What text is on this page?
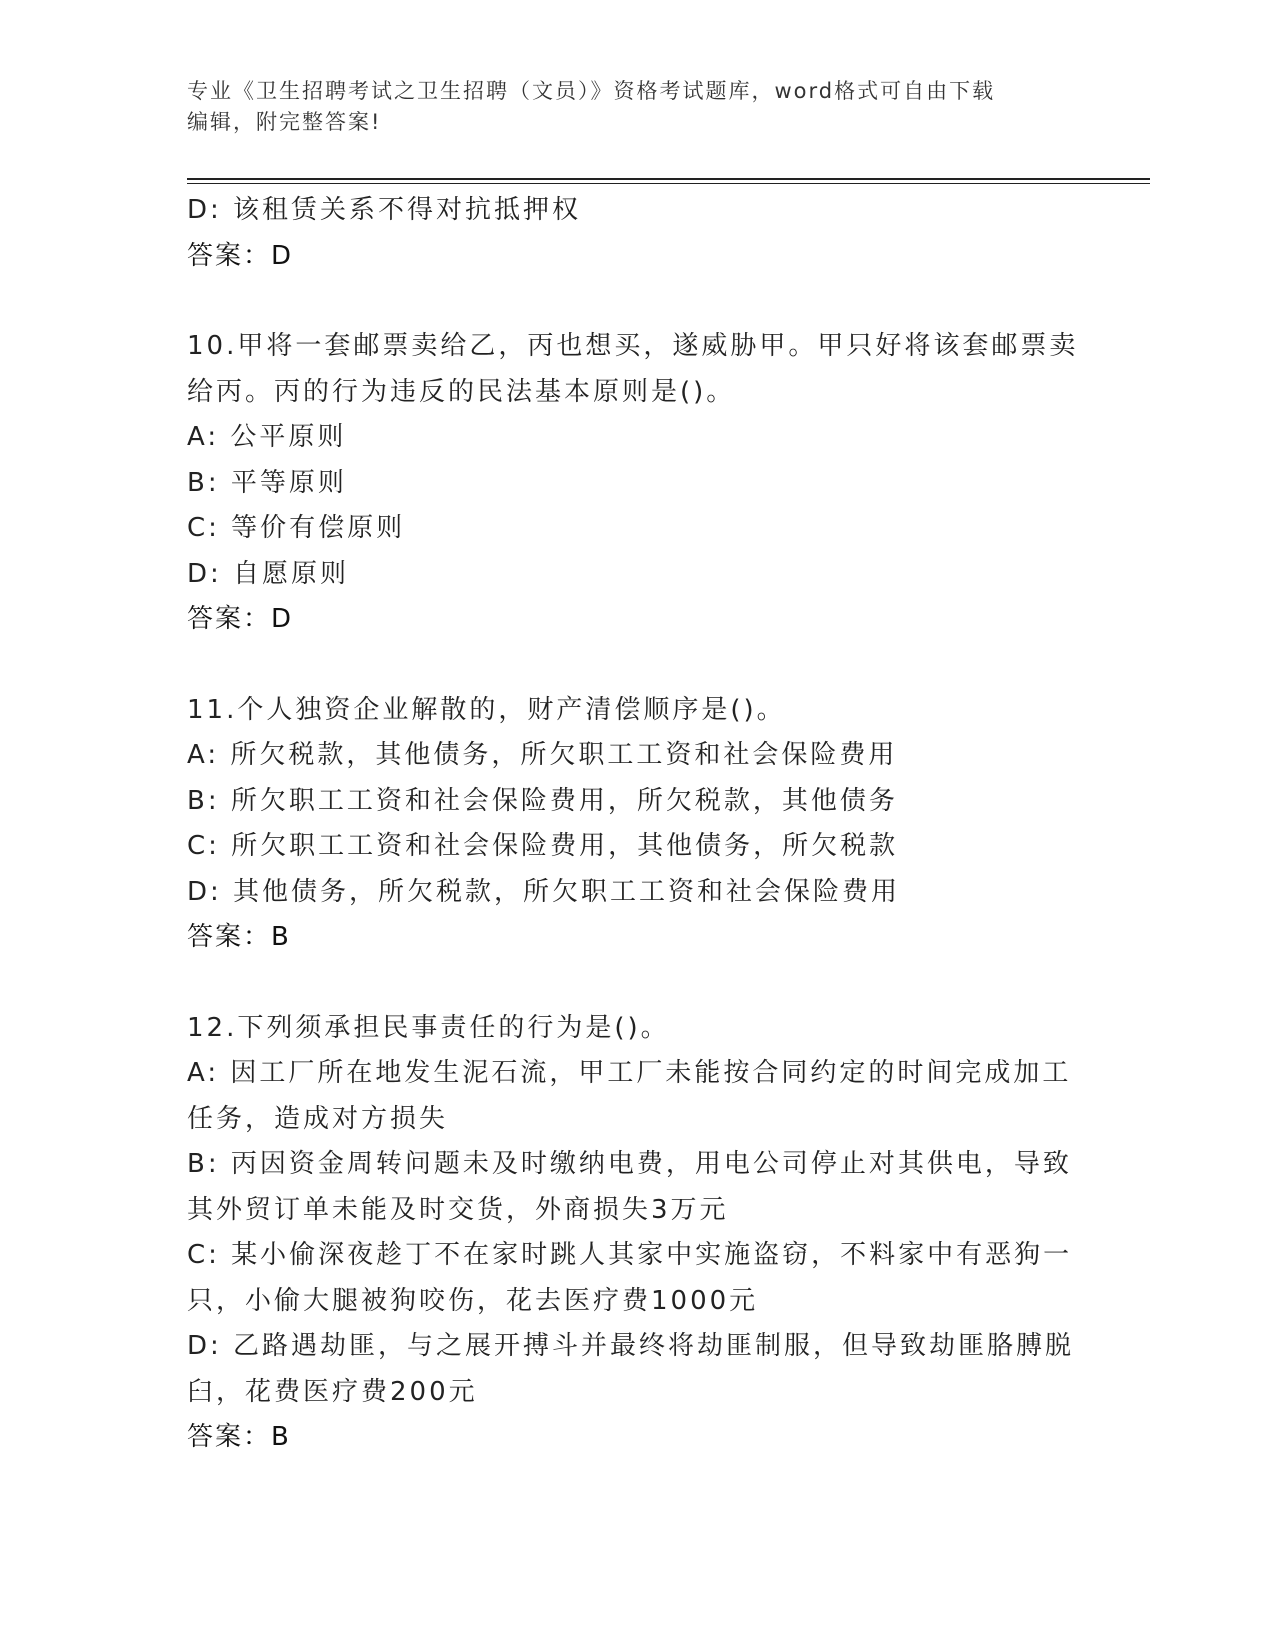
专业《卫生招聘考试之卫生招聘（文员）》资格考试题库，word格式可自由下载
编辑，附完整答案!
D: 该租赁关系不得对抗抵押权
答案：D
10.甲将一套邮票卖给乙，丙也想买，遂威胁甲。甲只好将该套邮票卖
给丙。丙的行为违反的民法基本原则是()。
A: 公平原则
B: 平等原则
C: 等价有偿原则
D: 自愿原则
答案：D
11.个人独资企业解散的，财产清偿顺序是()。
A: 所欠税款，其他债务，所欠职工工资和社会保险费用
B: 所欠职工工资和社会保险费用，所欠税款，其他债务
C: 所欠职工工资和社会保险费用，其他债务，所欠税款
D: 其他债务，所欠税款，所欠职工工资和社会保险费用
答案：B
12.下列须承担民事责任的行为是()。
A: 因工厂所在地发生泥石流，甲工厂未能按合同约定的时间完成加工
任务，造成对方损失
B: 丙因资金周转问题未及时缴纳电费，用电公司停止对其供电，导致
其外贸订单未能及时交货，外商损失3万元
C: 某小偷深夜趁丁不在家时跳人其家中实施盗窃，不料家中有恶狗一
只，小偷大腿被狗咬伤，花去医疗费1000元
D: 乙路遇劫匪，与之展开搏斗并最终将劫匪制服，但导致劫匪胳膊脱
臼，花费医疗费200元
答案：B
